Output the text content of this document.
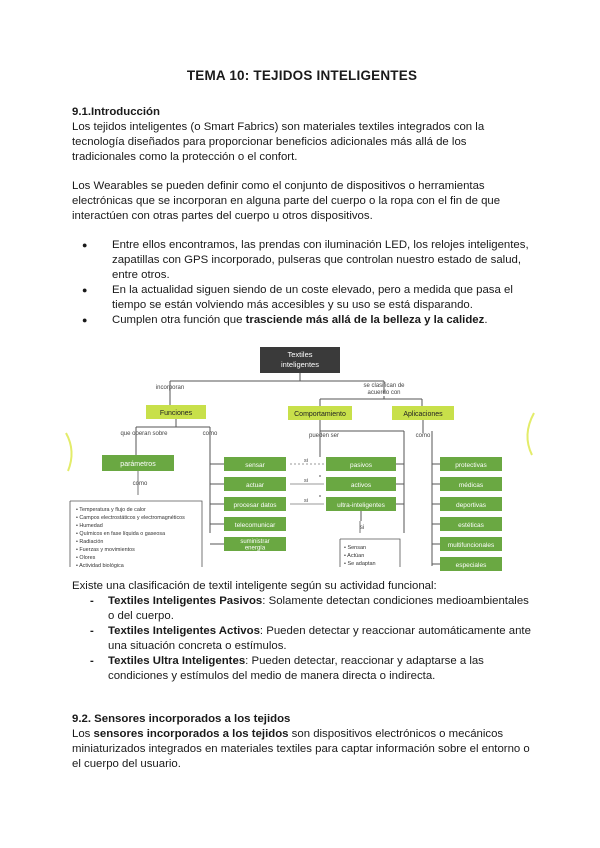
TEMA 10: TEJIDOS INTELIGENTES
9.1.Introducción

Los tejidos inteligentes (o Smart Fabrics) son materiales textiles integrados con la tecnología diseñados para proporcionar beneficios adicionales más allá de los tradicionales como la protección o el confort.

Los Wearables se pueden definir como el conjunto de dispositivos o herramientas electrónicas que se incorporan en alguna parte del cuerpo o la ropa con el fin de que interactúen con otras partes del cuerpo u otros dispositivos.

● Entre ellos encontramos, las prendas con iluminación LED, los relojes inteligentes, zapatillas con GPS incorporado, pulseras que controlan nuestro estado de salud, entre otros.
● En la actualidad siguen siendo de un coste elevado, pero a medida que pasa el tiempo se están volviendo más accesibles y su uso se está disparando.
● Cumplen otra función que trasciende más allá de la belleza y la calidez.
Textiles
inteligentes
incorporan	se clasifican de
acuerdo con
Funciones	Comportamiento	Aplicaciones
que operan sobre	como	pueden ser	como
parámetros
como
• Temperatura y flujo de calor
• Campos electrostáticos y electromagnéticos
• Humedad
• Químicos en fase líquida o gaseosa
• Radiación
• Fuerzas y movimientos
• Olores
• Actividad biológica
sensar
actuar
procesar datos
telecomunicar
suministrar
energía
si
si
si
pasivos
activos
ultra-inteligentes
si
• Sensan
• Actúan
• Se adaptan
protectivas
médicas
deportivas
estéticas
multifuncionales
especiales

Existe una clasificación de textil inteligente según su actividad funcional:

- Textiles Inteligentes Pasivos: Solamente detectan condiciones medioambientales o del cuerpo.
- Textiles Inteligentes Activos: Pueden detectar y reaccionar automáticamente ante una situación concreta o estímulos.
- Textiles Ultra Inteligentes: Pueden detectar, reaccionar y adaptarse a las condiciones y estímulos del medio de manera directa o indirecta.
9.2. Sensores incorporados a los tejidos

Los sensores incorporados a los tejidos son dispositivos electrónicos o mecánicos miniaturizados integrados en materiales textiles para captar información sobre el entorno o el cuerpo del usuario.
